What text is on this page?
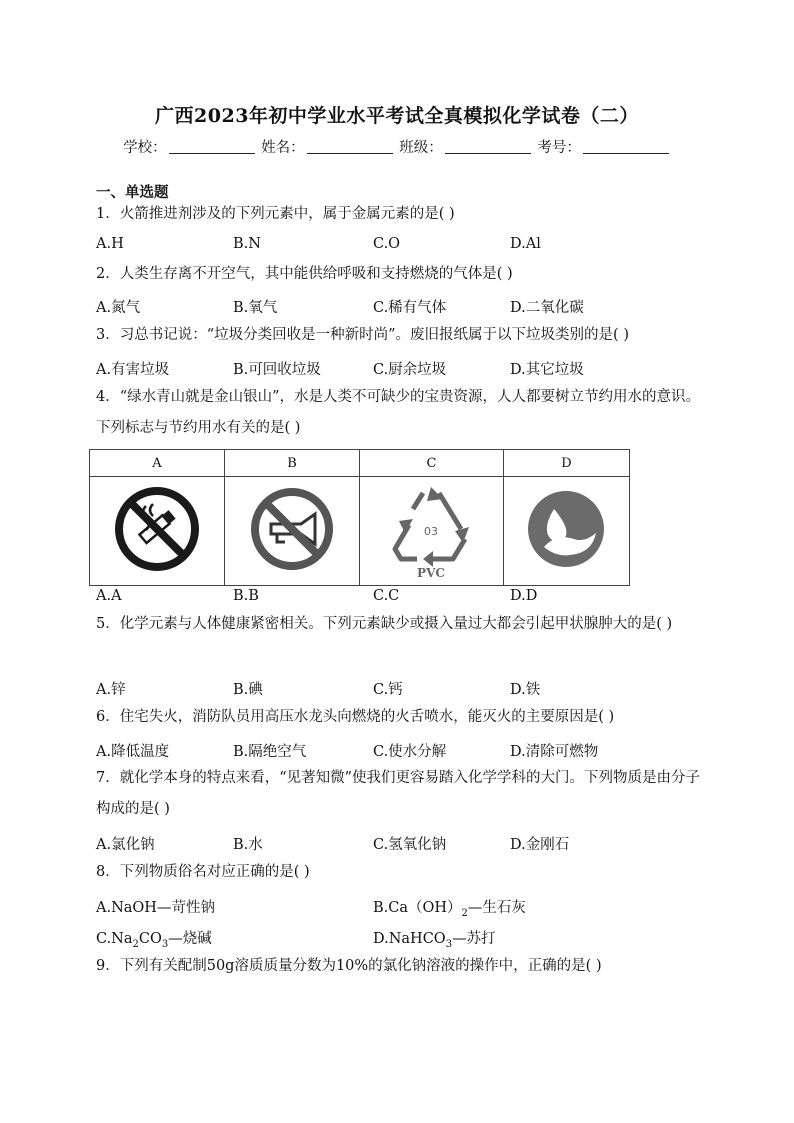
广西2023年初中学业水平考试全真模拟化学试卷（二）
学校：	姓名：	班级：	考号：
一、单选题
1．火箭推进剂涉及的下列元素中，属于金属元素的是( )
A.H	B.N	C.O	D.Al
2．人类生存离不开空气，其中能供给呼吸和支持燃烧的气体是( )
A.氮气	B.氧气	C.稀有气体	D.二氧化碳
3．习总书记说：“垃圾分类回收是一种新时尚”。废旧报纸属于以下垃圾类别的是( )
A.有害垃圾	B.可回收垃圾	C.厨余垃圾	D.其它垃圾
4．“绿水青山就是金山银山”，水是人类不可缺少的宝贵资源，人人都要树立节约用水的意识。下列标志与节约用水有关的是( )
A	B	C	D

03
PVC

A.A	B.B	C.C	D.D
5．化学元素与人体健康紧密相关。下列元素缺少或摄入量过大都会引起甲状腺肿大的是( )
A.锌	B.碘	C.钙	D.铁
6．住宅失火，消防队员用高压水龙头向燃烧的火舌喷水，能灭火的主要原因是( )
A.降低温度	B.隔绝空气	C.使水分解	D.清除可燃物
7．就化学本身的特点来看，“见著知微”使我们更容易踏入化学学科的大门。下列物质是由分子构成的是( )
A.氯化钠	B.水	C.氢氧化钠	D.金刚石
8．下列物质俗名对应正确的是( )
A.NaOH—苛性钠	$B.Ca(OH)_2—$生石灰
$C.Na_2CO_3—$烧碱	D.NaHCO$_3$—苏打
9．下列有关配制50g溶质质量分数为10%的氯化钠溶液的操作中，正确的是( )
